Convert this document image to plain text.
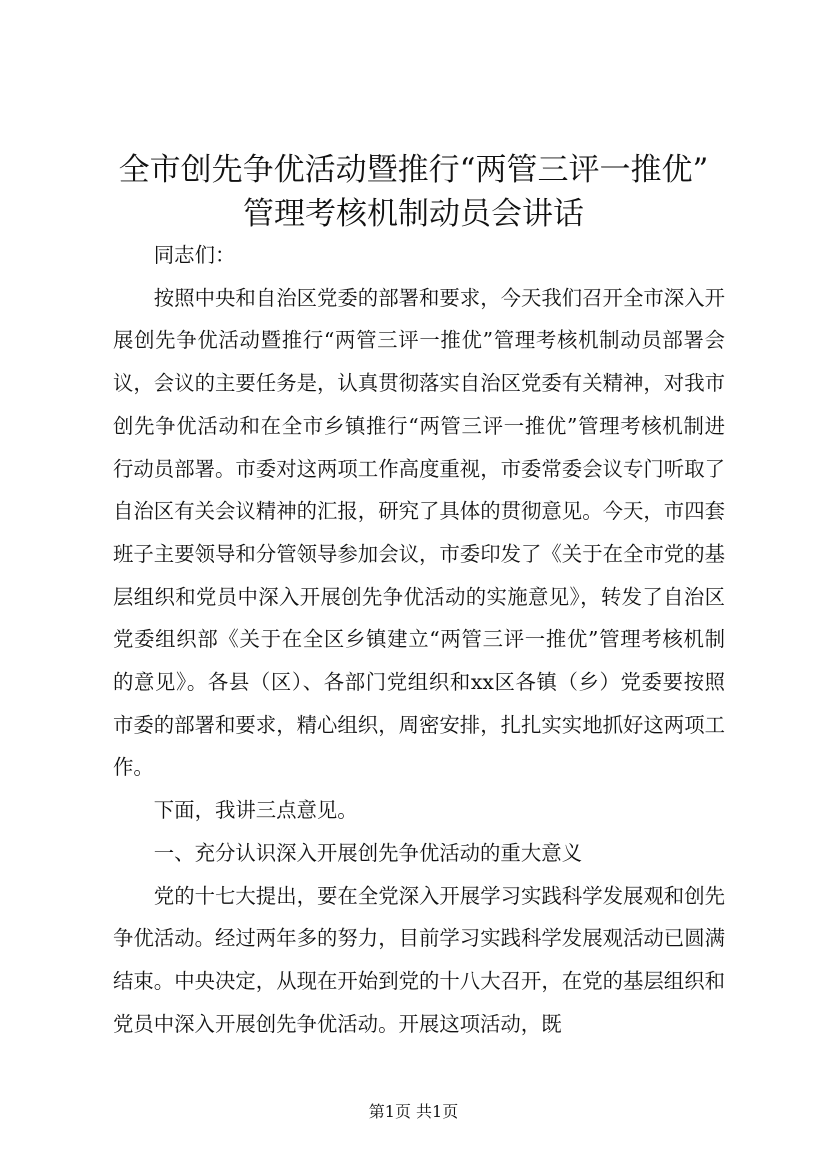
全市创先争优活动暨推行“两管三评一推优”
管理考核机制动员会讲话

同志们：

按照中央和自治区党委的部署和要求，今天我们召开全市深入开展创先争优活动暨推行“两管三评一推优”管理考核机制动员部署会议，会议的主要任务是，认真贯彻落实自治区党委有关精神，对我市创先争优活动和在全市乡镇推行“两管三评一推优”管理考核机制进行动员部署。市委对这两项工作高度重视，市委常委会议专门听取了自治区有关会议精神的汇报，研究了具体的贯彻意见。今天，市四套班子主要领导和分管领导参加会议，市委印发了《关于在全市党的基层组织和党员中深入开展创先争优活动的实施意见》，转发了自治区党委组织部《关于在全区乡镇建立“两管三评一推优”管理考核机制的意见》。各县（区）、各部门党组织和xx区各镇（乡）党委要按照市委的部署和要求，精心组织，周密安排，扎扎实实地抓好这两项工作。

下面，我讲三点意见。

一、充分认识深入开展创先争优活动的重大意义

党的十七大提出，要在全党深入开展学习实践科学发展观和创先争优活动。经过两年多的努力，目前学习实践科学发展观活动已圆满结束。中央决定，从现在开始到党的十八大召开，在党的基层组织和党员中深入开展创先争优活动。开展这项活动，既

第1页 共1页
